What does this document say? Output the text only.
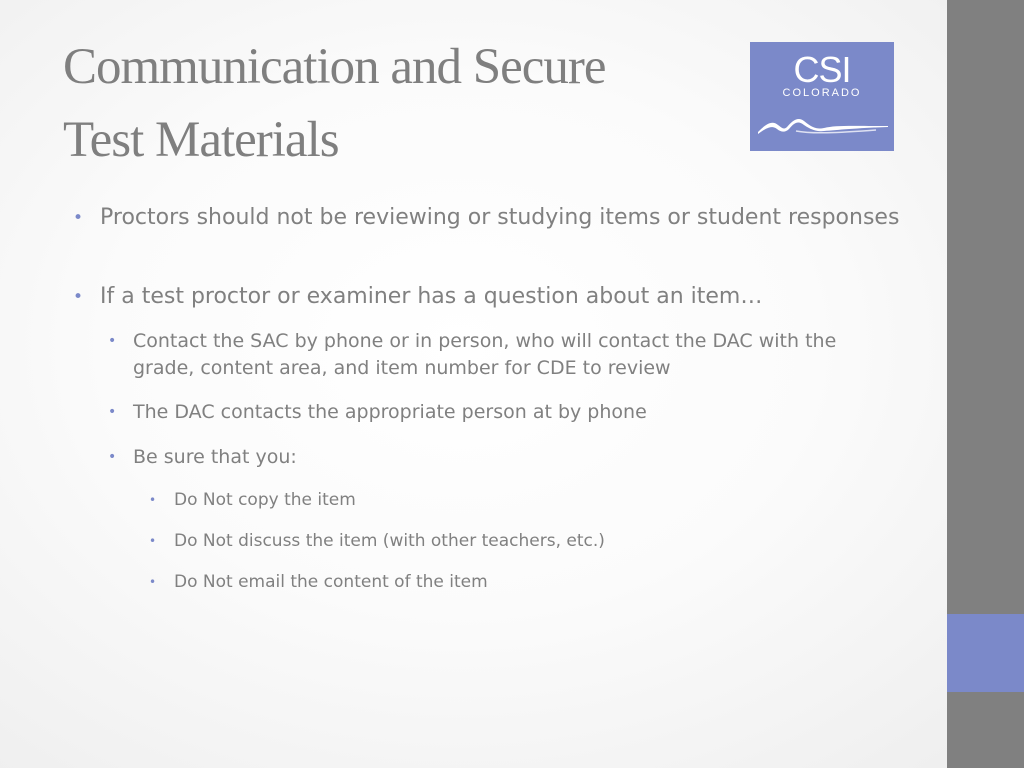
Communication and Secure
Test Materials
CSI
COLORADO
• Proctors should not be reviewing or studying items or student responses
• If a test proctor or examiner has a question about an item…
• Contact the SAC by phone or in person, who will contact the DAC with the grade, content area, and item number for CDE to review
• The DAC contacts the appropriate person at by phone
• Be sure that you:
• Do Not copy the item
• Do Not discuss the item (with other teachers, etc.)
• Do Not email the content of the item
